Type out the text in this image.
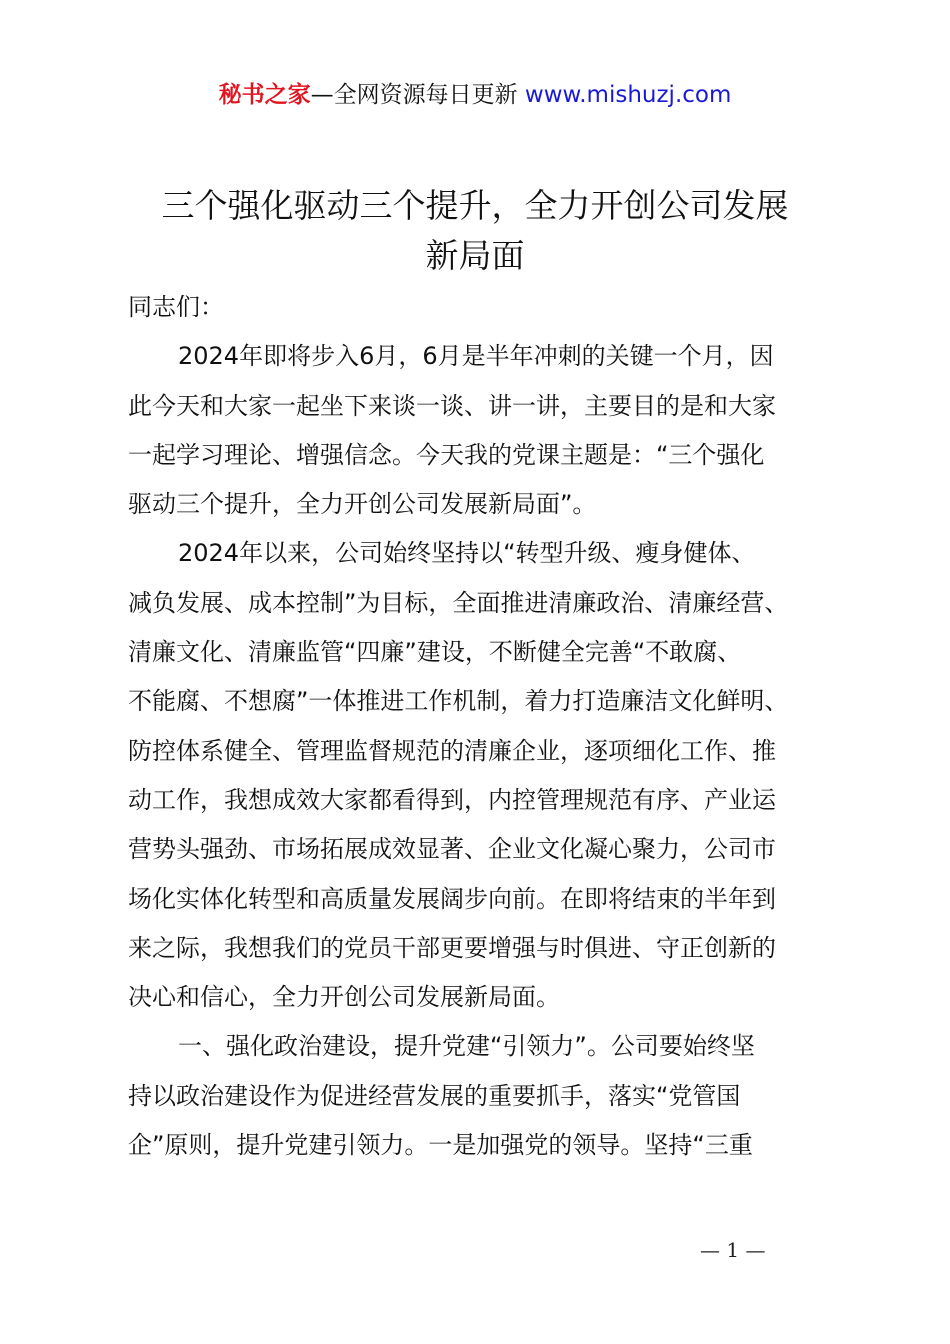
秘书之家—全网资源每日更新 www.mishuzj.com
三个强化驱动三个提升，全力开创公司发展
新局面
同志们：
2024年即将步入6月，6月是半年冲刺的关键一个月，因
此今天和大家一起坐下来谈一谈、讲一讲，主要目的是和大家
一起学习理论、增强信念。今天我的党课主题是：“三个强化
驱动三个提升，全力开创公司发展新局面”。
2024年以来，公司始终坚持以“转型升级、瘦身健体、
减负发展、成本控制”为目标，全面推进清廉政治、清廉经营、
清廉文化、清廉监管“四廉”建设，不断健全完善“不敢腐、
不能腐、不想腐”一体推进工作机制，着力打造廉洁文化鲜明、
防控体系健全、管理监督规范的清廉企业，逐项细化工作、推
动工作，我想成效大家都看得到，内控管理规范有序、产业运
营势头强劲、市场拓展成效显著、企业文化凝心聚力，公司市
场化实体化转型和高质量发展阔步向前。在即将结束的半年到
来之际，我想我们的党员干部更要增强与时俱进、守正创新的
决心和信心，全力开创公司发展新局面。
一、强化政治建设，提升党建“引领力”。公司要始终坚
持以政治建设作为促进经营发展的重要抓手，落实“党管国
企”原则，提升党建引领力。一是加强党的领导。坚持“三重
— 1 —
